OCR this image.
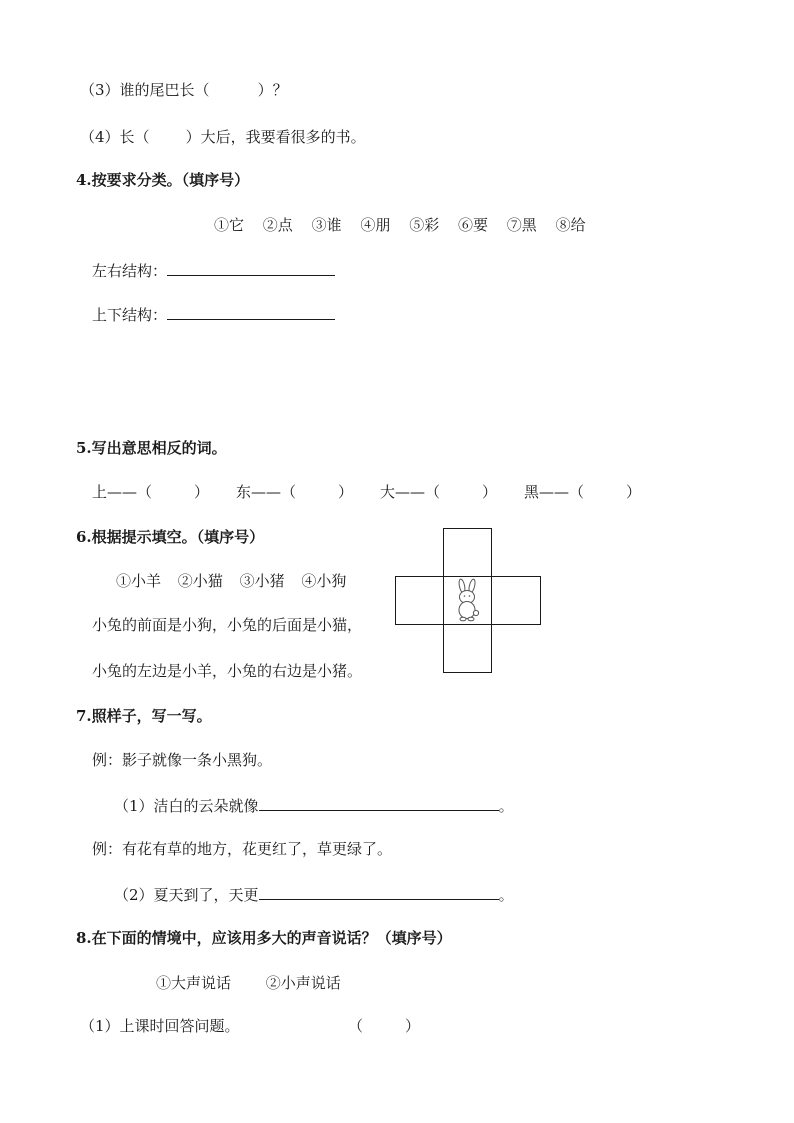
（3）谁的尾巴长（	）？
（4）长（ ）大后，我要看很多的书。
4.按要求分类。（填序号）
①它 ②点 ③谁 ④朋 ⑤彩 ⑥要 ⑦黑 ⑧给
左右结构：
上下结构：
5.写出意思相反的词。
上——（	） 东——（	） 大——（	） 黑——（	）
6.根据提示填空。（填序号）
①小羊 ②小猫 ③小猪 ④小狗
小兔的前面是小狗，小兔的后面是小猫，
小兔的左边是小羊，小兔的右边是小猪。
7.照样子，写一写。
例：影子就像一条小黑狗。
（1）洁白的云朵就像	。
例：有花有草的地方，花更红了，草更绿了。
（2）夏天到了，天更	。
8.在下面的情境中，应该用多大的声音说话？（填序号）
①大声说话 ②小声说话
（1）上课时回答问题。	（	）
